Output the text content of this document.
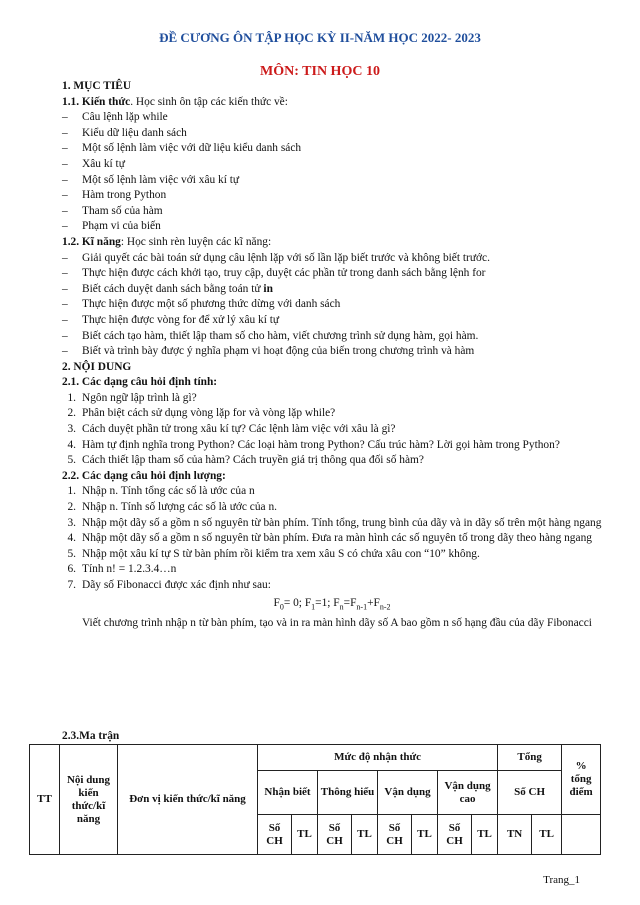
ĐỀ CƯƠNG ÔN TẬP HỌC KỲ II-NĂM HỌC 2022- 2023
MÔN: TIN HỌC 10
1. MỤC TIÊU
1.1. Kiến thức. Học sinh ôn tập các kiến thức về:
–	Câu lệnh lặp while
–	Kiểu dữ liệu danh sách
–	Một số lệnh làm việc với dữ liệu kiểu danh sách
–	Xâu kí tự
–	Một số lệnh làm việc với xâu kí tự
–	Hàm trong Python
–	Tham số của hàm
–	Phạm vi của biến
1.2. Kĩ năng: Học sinh rèn luyện các kĩ năng:
–	Giải quyết các bài toán sử dụng câu lệnh lặp với số lần lặp biết trước và không biết trước.
–	Thực hiện được cách khởi tạo, truy cập, duyệt các phần tử trong danh sách bằng lệnh for
–	Biết cách duyệt danh sách bằng toán tử in
–	Thực hiện được một số phương thức dừng với danh sách
–	Thực hiện được vòng for để xử lý xâu kí tự
–	Biết cách tạo hàm, thiết lập tham số cho hàm, viết chương trình sử dụng hàm, gọi hàm.
–	Biết và trình bày được ý nghĩa phạm vi hoạt động của biến trong chương trình và hàm
2. NỘI DUNG
2.1. Các dạng câu hỏi định tính:
1. Ngôn ngữ lập trình là gì?
2. Phân biệt cách sử dụng vòng lặp for và vòng lặp while?
3. Cách duyệt phần tử trong xâu kí tự? Các lệnh làm việc với xâu là gì?
4. Hàm tự định nghĩa trong Python? Các loại hàm trong Python? Cấu trúc hàm? Lời gọi hàm trong Python?
5. Cách thiết lập tham số của hàm? Cách truyền giá trị thông qua đối số hàm?
2.2. Các dạng câu hỏi định lượng:
1. Nhập n. Tính tổng các số là ước của n
2. Nhập n. Tính số lượng các số là ước của n.
3. Nhập một dãy số a gồm n số nguyên từ bàn phím. Tính tổng, trung bình của dãy và in dãy số trên một hàng ngang
4. Nhập một dãy số a gồm n số nguyên từ bàn phím. Đưa ra màn hình các số nguyên tố trong dãy theo hàng ngang
5. Nhập một xâu kí tự S từ bàn phím rồi kiểm tra xem xâu S có chứa xâu con “10” không.
6. Tính n! = 1.2.3.4…n
7. Dãy số Fibonacci được xác định như sau:
$F_0= 0$; $F_1=1$; $F_n=F_{n-1}+F_{n-2}$
Viết chương trình nhập n từ bàn phím, tạo và in ra màn hình dãy số A bao gồm n số hạng đầu của dãy Fibonacci
2.3.Ma trận
TT	Nội dung kiến thức/kĩ năng	Đơn vị kiến thức/kĩ năng	Mức độ nhận thức								Tổng		% tổng điểm
			Nhận biết		Thông hiểu		Vận dụng		Vận dụng cao		Số CH		
			Số CH	TL	Số CH	TL	Số CH	TL	Số CH	TL	TN	TL	
Trang_1
